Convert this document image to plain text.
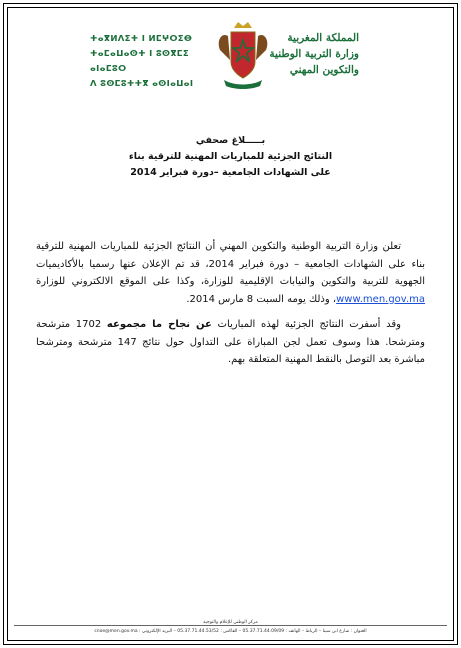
ⵜⴰⴳⵍⴷⵉⵜ ⵏ ⵍⵎⵖⵔⵉⴱ
ⵜⴰⵎⴰⵡⴰⵙⵜ ⵏ ⵓⵙⴳⵎⵉ ⴰⵏⴰⵎⵓⵔ
ⴷ ⵓⵙⵎⵓⵜⵜⴳ ⴰⵙⵏⴰⵡⴰⵏ
المملكة المغربية
وزارة التربية الوطنية
والتكوين المهني
بـــــلاغ صحفي
النتائج الجزئية للمباريات المهنية للترقية بناء
على الشهادات الجامعية –دورة فبراير 2014

تعلن وزارة التربية الوطنية والتكوين المهني أن النتائج الجزئية للمباريات المهنية للترقية بناء على الشهادات الجامعية – دورة فبراير 2014، قد تم الإعلان عنها رسميا بالأكاديميات الجهوية للتربية والتكوين والنيابات الإقليمية للوزارة، وكذا على الموقع الالكتروني للوزارة www.men.gov.ma، وذلك يومه السبت 8 مارس 2014.

وقد أسفرت النتائج الجزئية لهذه المباريات عن نجاح ما مجموعه 1702 مترشحة ومترشحا. هذا وسوف تعمل لجن المباراة على التداول حول نتائج 147 مترشحة ومترشحا مباشرة بعد التوصل بالنقط المهنية المتعلقة بهم.

مركز الوطني للإعلام والتوجيه
العنوان : شارع ابن سينا – الرباط – الهاتف : 05.37.71.44.09/09 – الفاكس : 05.37.71.44.53/52 – البريد الإلكتروني : cnoe@men.gov.ma
